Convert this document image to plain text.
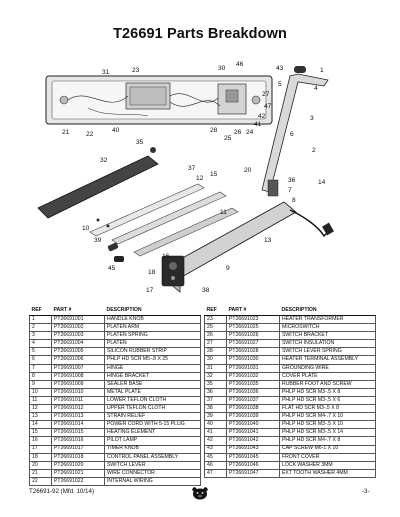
T26691 Parts Breakdown
1
2
3
4
5
6
7
8
9
10
11
12
13
14
15
16
17
18
20
21	22
23
24
25
26
27
28
30
31
32
35
36
37
38
39
40
41
42
43
45
46
47
REF	PART #	DESCRIPTION
1	PT26691001	HANDLE KNOB
2	PT26691002	PLATEN ARM
3	PT26691003	PLATEN SPRING
4	PT26691004	PLATEN
5	PT26691005	SILICON RUBBER STRIP
6	PT26691006	PHLP HD SCR M5-.8 X 25
7	PT26691007	HINGE
8	PT26691008	HINGE BRACKET
9	PT26691009	SEALER BASE
10	PT26691010	METAL PLATE
11	PT26691011	LOWER TEFLON CLOTH
12	PT26691012	UPPER TEFLON CLOTH
13	PT26691013	STRAIN RELIEF
14	PT26691014	POWER CORD WITH 5-15 PLUG
15	PT26691015	HEATING ELEMENT
16	PT26691016	PILOT LAMP
17	PT26691017	TIMER KNOB
18	PT26691018	CONTROL PANEL ASSEMBLY
20	PT26691020	SWITCH LEVER
21	PT26691021	WIRE CONNECTOR
22	PT26691022	INTERNAL WIRING
REF	PART #	DESCRIPTION
23	PT26691023	HEATER TRANSFORMER
25	PT26691025	MICROSWITCH
26	PT26691026	SWITCH BRACKET
27	PT26691027	SWITCH INSULATION
28	PT26691028	SWITCH LEVER SPRING
30	PT26691030	HEATER TERMINAL ASSEMBLY
31	PT26691031	GROUNDING WIRE
32	PT26691032	COVER PLATE
35	PT26691035	RUBBER FOOT AND SCREW
36	PT26691036	PHLP HD SCR M3-.5 X 8
37	PT26691037	PHLP HD SCR M3-.5 X 6
38	PT26691038	FLAT HD SCR M3-.5 X 8
39	PT26691039	PHLP HD SCR M4-.7 X 10
40	PT26691040	PHLP HD SCR M3-.5 X 10
41	PT26691041	PHLP HD SCR M3-.5 X 14
42	PT26691042	PHLP HD SCR M4-.7 X 8
43	PT26691043	CAP SCREW M6-1 X 10
45	PT26691045	FRONT COVER
46	PT26691046	LOCK WASHER 3MM
47	PT26691047	EXT TOOTH WASHER 4MM
T26691-92 (Mfd. 10/14)	-3-
